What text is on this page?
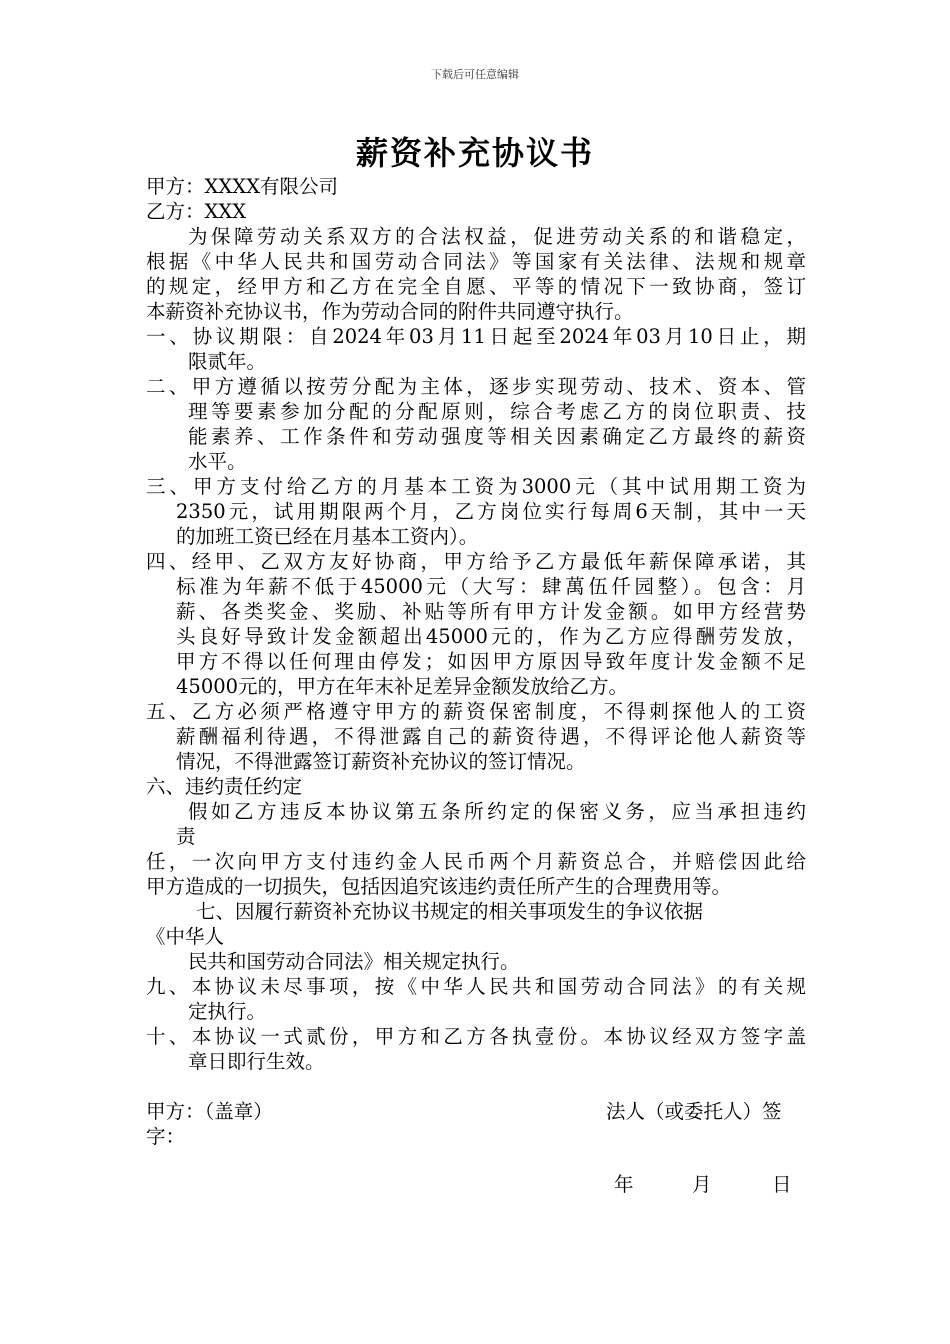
下载后可任意编辑
薪资补充协议书
甲方：XXXX有限公司
乙方：XXX
为保障劳动关系双方的合法权益，促进劳动关系的和谐稳定，
根据《中华人民共和国劳动合同法》等国家有关法律、法规和规章
的规定，经甲方和乙方在完全自愿、平等的情况下一致协商，签订
本薪资补充协议书，作为劳动合同的附件共同遵守执行。
一、协议期限：自2024年03月11日起至2024年03月10日止，期
限贰年。
二、甲方遵循以按劳分配为主体，逐步实现劳动、技术、资本、管
理等要素参加分配的分配原则，综合考虑乙方的岗位职责、技
能素养、工作条件和劳动强度等相关因素确定乙方最终的薪资
水平。
三、甲方支付给乙方的月基本工资为3000元（其中试用期工资为
2350元，试用期限两个月，乙方岗位实行每周6天制，其中一天
的加班工资已经在月基本工资内）。
四、经甲、乙双方友好协商，甲方给予乙方最低年薪保障承诺，其
标准为年薪不低于45000元（大写：肆萬伍仟园整）。包含：月
薪、各类奖金、奖励、补贴等所有甲方计发金额。如甲方经营势
头良好导致计发金额超出45000元的，作为乙方应得酬劳发放，
甲方不得以任何理由停发；如因甲方原因导致年度计发金额不足
45000元的，甲方在年末补足差异金额发放给乙方。
五、乙方必须严格遵守甲方的薪资保密制度，不得刺探他人的工资
薪酬福利待遇，不得泄露自己的薪资待遇，不得评论他人薪资等
情况，不得泄露签订薪资补充协议的签订情况。
六、违约责任约定
假如乙方违反本协议第五条所约定的保密义务，应当承担违约
责
任，一次向甲方支付违约金人民币两个月薪资总合，并赔偿因此给
甲方造成的一切损失，包括因追究该违约责任所产生的合理费用等。
七、因履行薪资补充协议书规定的相关事项发生的争议依据
《中华人
民共和国劳动合同法》相关规定执行。
九、本协议未尽事项，按《中华人民共和国劳动合同法》的有关规
定执行。
十、本协议一式贰份，甲方和乙方各执壹份。本协议经双方签字盖
章日即行生效。
甲方：（盖章）	法人（或委托人）签
字：
年	月	日
